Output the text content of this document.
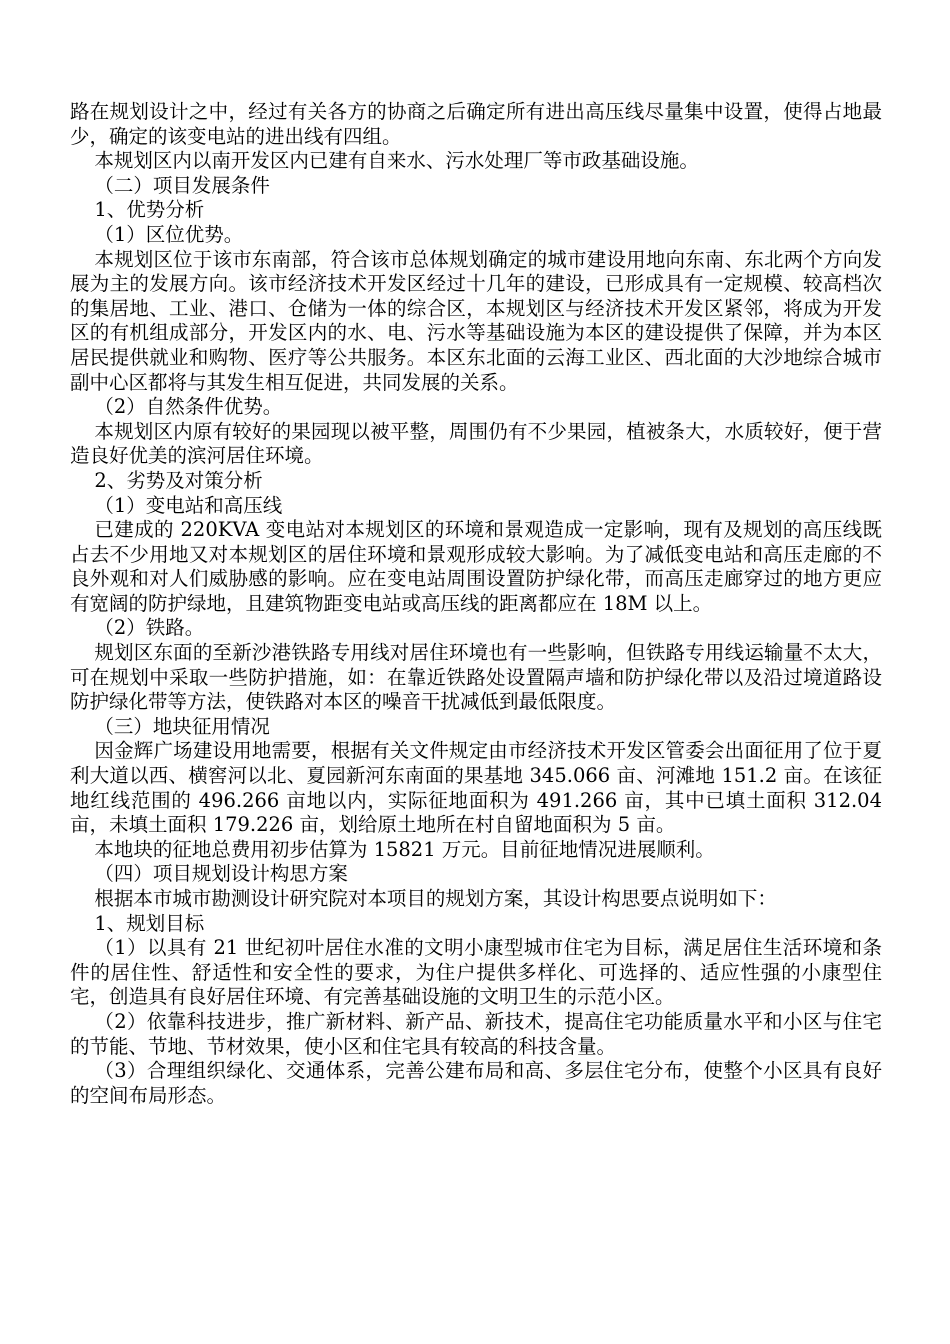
路在规划设计之中，经过有关各方的协商之后确定所有进出高压线尽量集中设置，使得占地最少，确定的该变电站的进出线有四组。

本规划区内以南开发区内已建有自来水、污水处理厂等市政基础设施。

（二）项目发展条件

1、优势分析

（1）区位优势。

本规划区位于该市东南部，符合该市总体规划确定的城市建设用地向东南、东北两个方向发展为主的发展方向。该市经济技术开发区经过十几年的建设，已形成具有一定规模、较高档次的集居地、工业、港口、仓储为一体的综合区，本规划区与经济技术开发区紧邻，将成为开发区的有机组成部分，开发区内的水、电、污水等基础设施为本区的建设提供了保障，并为本区居民提供就业和购物、医疗等公共服务。本区东北面的云海工业区、西北面的大沙地综合城市副中心区都将与其发生相互促进，共同发展的关系。

（2）自然条件优势。

本规划区内原有较好的果园现以被平整，周围仍有不少果园，植被条大，水质较好，便于营造良好优美的滨河居住环境。

2、劣势及对策分析

（1）变电站和高压线

已建成的 220KVA 变电站对本规划区的环境和景观造成一定影响，现有及规划的高压线既占去不少用地又对本规划区的居住环境和景观形成较大影响。为了减低变电站和高压走廊的不良外观和对人们威胁感的影响。应在变电站周围设置防护绿化带，而高压走廊穿过的地方更应有宽阔的防护绿地，且建筑物距变电站或高压线的距离都应在 18M 以上。

（2）铁路。

规划区东面的至新沙港铁路专用线对居住环境也有一些影响，但铁路专用线运输量不太大，可在规划中采取一些防护措施，如：在靠近铁路处设置隔声墙和防护绿化带以及沿过境道路设防护绿化带等方法，使铁路对本区的噪音干扰减低到最低限度。

（三）地块征用情况

因金辉广场建设用地需要，根据有关文件规定由市经济技术开发区管委会出面征用了位于夏利大道以西、横窖河以北、夏园新河东南面的果基地 345.066 亩、河滩地 151.2 亩。在该征地红线范围的 496.266 亩地以内，实际征地面积为 491.266 亩，其中已填土面积 312.04 亩，未填土面积 179.226 亩，划给原土地所在村自留地面积为 5 亩。

本地块的征地总费用初步估算为 15821 万元。目前征地情况进展顺利。

（四）项目规划设计构思方案

根据本市城市勘测设计研究院对本项目的规划方案，其设计构思要点说明如下：

1、规划目标

（1）以具有 21 世纪初叶居住水准的文明小康型城市住宅为目标，满足居住生活环境和条件的居住性、舒适性和安全性的要求，为住户提供多样化、可选择的、适应性强的小康型住宅，创造具有良好居住环境、有完善基础设施的文明卫生的示范小区。

（2）依靠科技进步，推广新材料、新产品、新技术，提高住宅功能质量水平和小区与住宅的节能、节地、节材效果，使小区和住宅具有较高的科技含量。

（3）合理组织绿化、交通体系，完善公建布局和高、多层住宅分布，使整个小区具有良好的空间布局形态。
